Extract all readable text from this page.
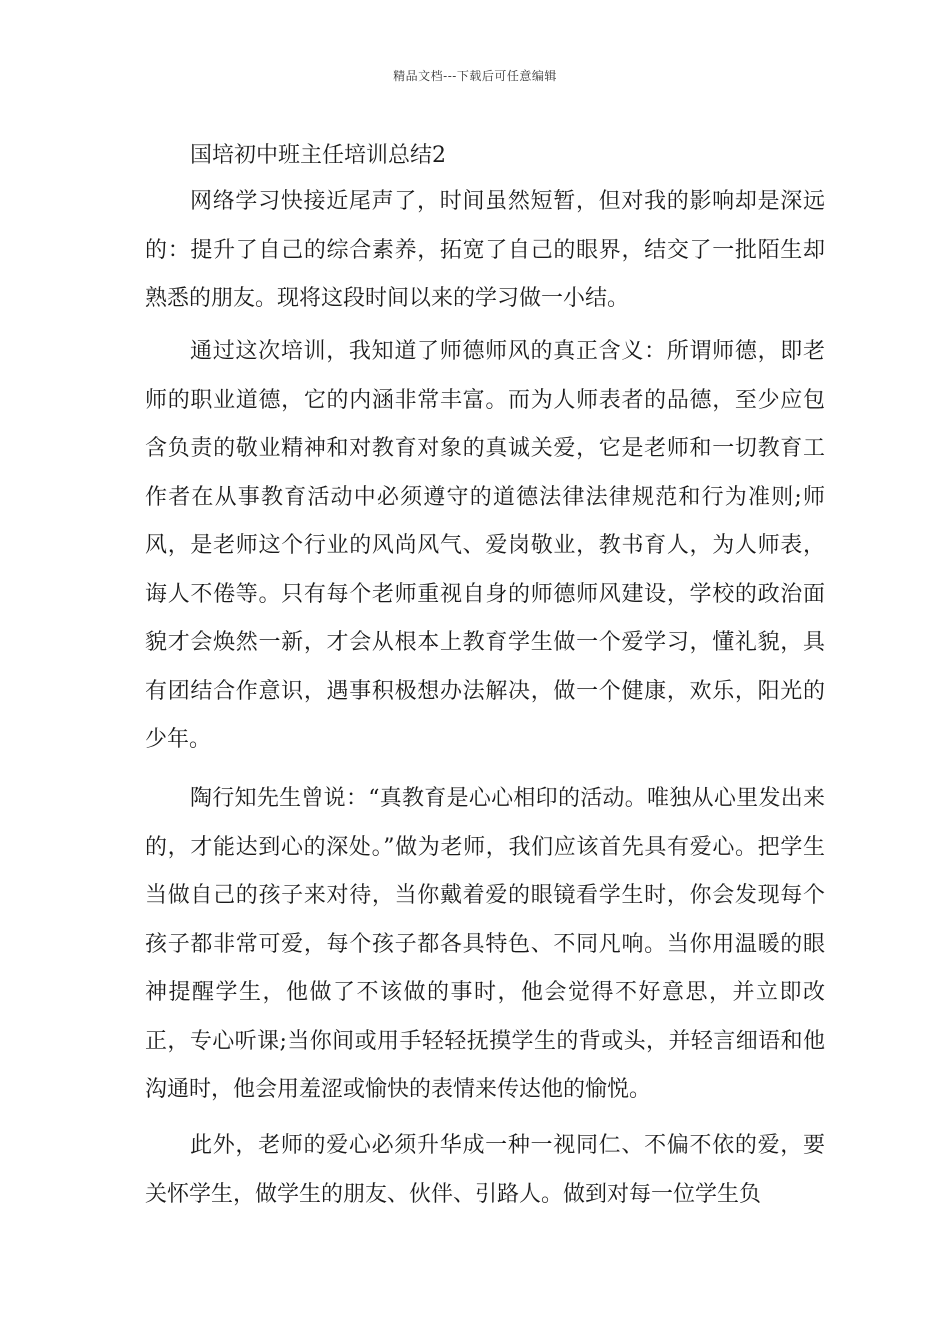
精品文档---下载后可任意编辑
国培初中班主任培训总结2

网络学习快接近尾声了，时间虽然短暂，但对我的影响却是深远的：提升了自己的综合素养，拓宽了自己的眼界，结交了一批陌生却熟悉的朋友。现将这段时间以来的学习做一小结。

通过这次培训，我知道了师德师风的真正含义：所谓师德，即老师的职业道德，它的内涵非常丰富。而为人师表者的品德，至少应包含负责的敬业精神和对教育对象的真诚关爱，它是老师和一切教育工作者在从事教育活动中必须遵守的道德法律法律规范和行为准则;师风，是老师这个行业的风尚风气、爱岗敬业，教书育人，为人师表，诲人不倦等。只有每个老师重视自身的师德师风建设，学校的政治面貌才会焕然一新，才会从根本上教育学生做一个爱学习，懂礼貌，具有团结合作意识，遇事积极想办法解决，做一个健康，欢乐，阳光的少年。

陶行知先生曾说：“真教育是心心相印的活动。唯独从心里发出来的，才能达到心的深处。”做为老师，我们应该首先具有爱心。把学生当做自己的孩子来对待，当你戴着爱的眼镜看学生时，你会发现每个孩子都非常可爱，每个孩子都各具特色、不同凡响。当你用温暖的眼神提醒学生，他做了不该做的事时，他会觉得不好意思，并立即改正，专心听课;当你间或用手轻轻抚摸学生的背或头，并轻言细语和他沟通时，他会用羞涩或愉快的表情来传达他的愉悦。

此外，老师的爱心必须升华成一种一视同仁、不偏不依的爱，要关怀学生，做学生的朋友、伙伴、引路人。做到对每一位学生负
